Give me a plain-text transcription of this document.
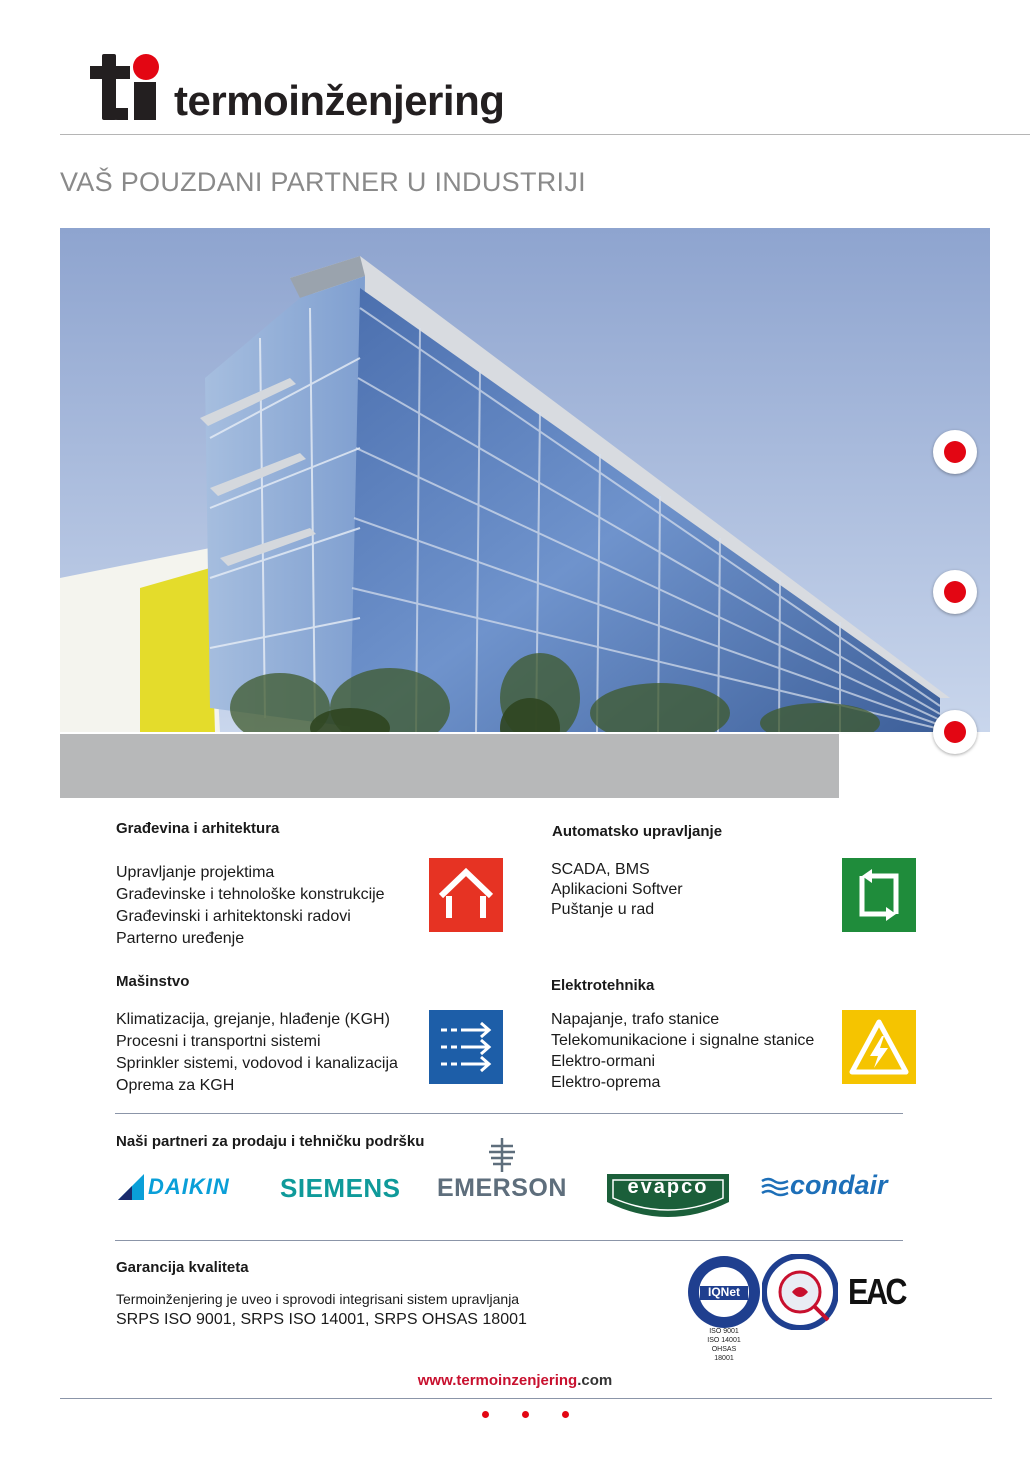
termoinženjering
VAŠ POUZDANI PARTNER U INDUSTRIJI
Građevina i arhitektura
Upravljanje projektima
Građevinske i tehnološke konstrukcije
Građevinski i arhitektonski radovi
Parterno uređenje
Automatsko upravljanje
SCADA, BMS
Aplikacioni Softver
Puštanje u rad
Mašinstvo
Klimatizacija, grejanje, hlađenje (KGH)
Procesni i transportni sistemi
Sprinkler sistemi, vodovod i kanalizacija
Oprema za KGH
Elektrotehnika
Napajanje, trafo stanice
Telekomunikacione i signalne stanice
Elektro-ormani
Elektro-oprema
Naši partneri za prodaju i tehničku podršku
DAIKIN SIEMENS EMERSON	evapco	condair
Garancija kvaliteta
Termoinženjering je uveo i sprovodi integrisani sistem upravljanja
SRPS ISO 9001, SRPS ISO 14001, SRPS OHSAS 18001
IQNet
ISO 9001
ISO 14001
OHSAS 18001
EAC
www.termoinzenjering.com
